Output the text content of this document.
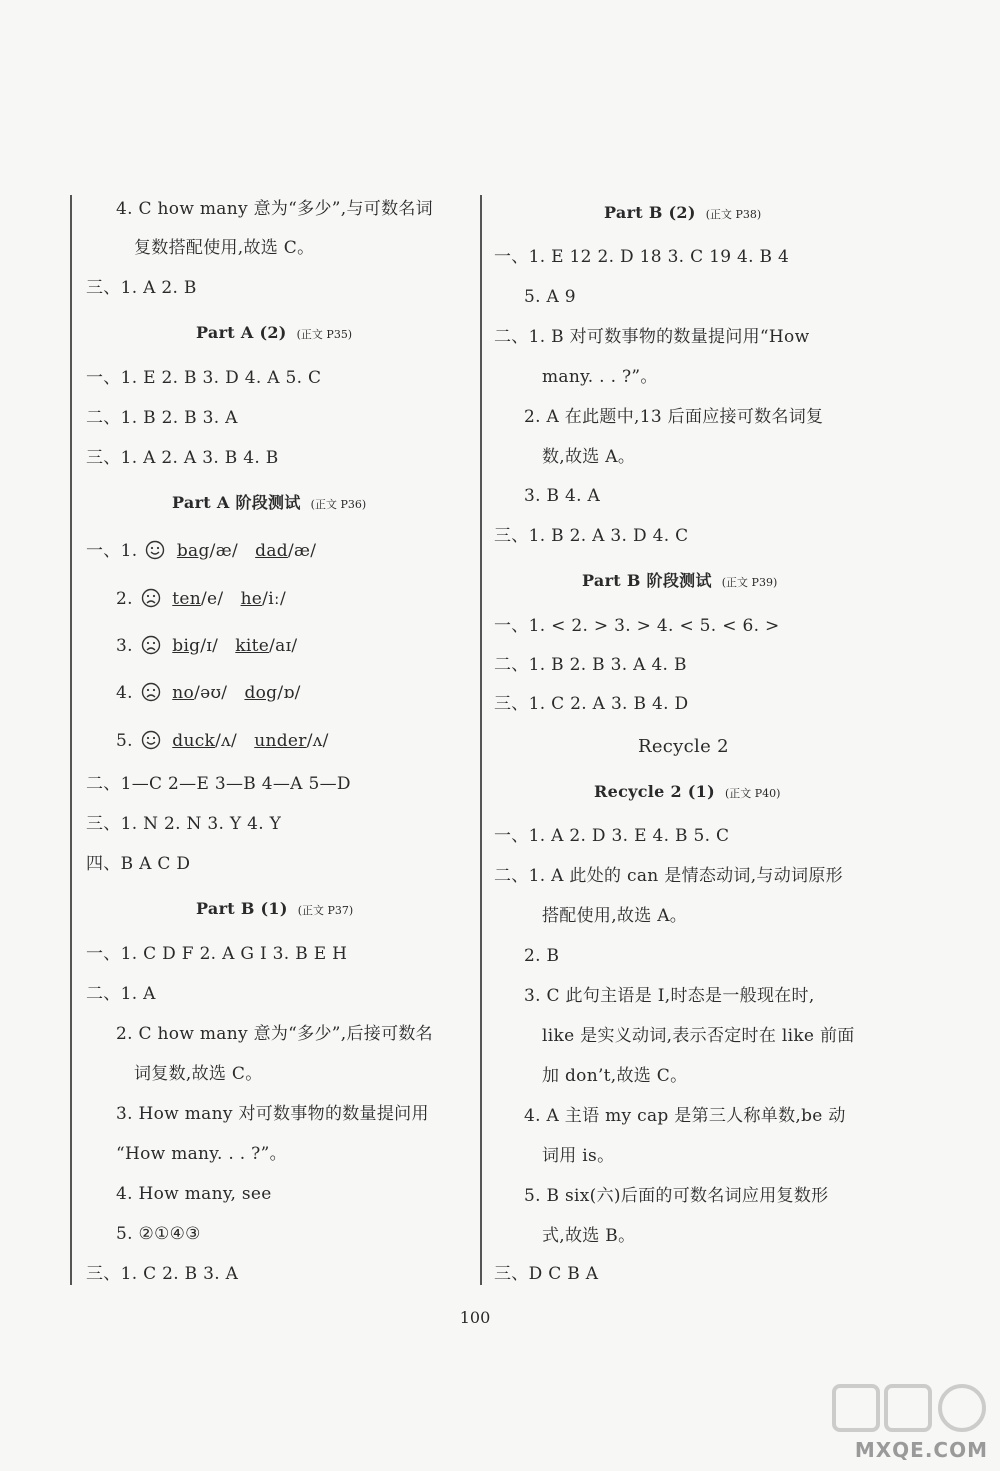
4. C how many 意为“多少”,与可数名词
复数搭配使用,故选 C。
三、1. A 2. B
Part A (2) (正文 P35)
一、1. E 2. B 3. D 4. A 5. C
二、1. B 2. B 3. A
三、1. A 2. A 3. B 4. B
Part A 阶段测试 (正文 P36)
一、1. bag/æ/ dad/æ/
2. ten/e/ he/iː/
3. big/ɪ/ kite/aɪ/
4. no/əʊ/ dog/ɒ/
5. duck/ʌ/ under/ʌ/
二、1—C 2—E 3—B 4—A 5—D
三、1. N 2. N 3. Y 4. Y
四、B A C D
Part B (1) (正文 P37)
一、1. C D F 2. A G I 3. B E H
二、1. A
2. C how many 意为“多少”,后接可数名
词复数,故选 C。
3. How many 对可数事物的数量提问用
“How many. . . ?”。
4. How many, see
5. ②①④③
三、1. C 2. B 3. A
Part B (2) (正文 P38)
一、1. E 12 2. D 18 3. C 19 4. B 4
5. A 9
二、1. B 对可数事物的数量提问用“How
many. . . ?”。
2. A 在此题中,13 后面应接可数名词复
数,故选 A。
3. B 4. A
三、1. B 2. A 3. D 4. C
Part B 阶段测试 (正文 P39)
一、1. < 2. > 3. > 4. < 5. < 6. >
二、1. B 2. B 3. A 4. B
三、1. C 2. A 3. B 4. D
Recycle 2
Recycle 2 (1) (正文 P40)
一、1. A 2. D 3. E 4. B 5. C
二、1. A 此处的 can 是情态动词,与动词原形
搭配使用,故选 A。
2. B
3. C 此句主语是 I,时态是一般现在时,
like 是实义动词,表示否定时在 like 前面
加 don’t,故选 C。
4. A 主语 my cap 是第三人称单数,be 动
词用 is。
5. B six(六)后面的可数名词应用复数形
式,故选 B。
三、D C B A
100
MXQE.COM
